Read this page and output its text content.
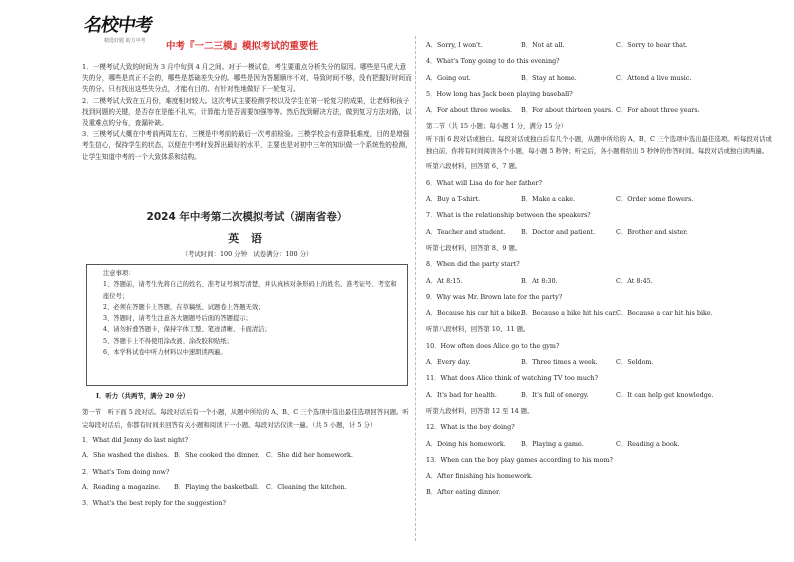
名校中考
精选好题 助力中考	中考『一二三模』模拟考试的重要性

1．一模考试大致的时间为 3 月中旬到 4 月之间。对于一模试卷，考生要重点分析失分的原因。哪些是马虎大意失的分，哪些是真正不会的，哪些是基础差失分的。哪些是因为答题顺序不对，导致时间不够，没有把握好时间而失的分。只有找出这些失分点，才能有目的、有针对性地做好下一轮复习。

2．二模考试大致在五月份，难度相对较大。这次考试主要检测学校以及学生在第一轮复习的成果，让老师和孩子找到问题的关键，是否存在是能不扎实，计算能力是否需要加强等等。然后找到解决方法，做到复习方法对路，以及重难点的分布，查漏补缺。

3．三模考试大概在中考前两周左右，三模是中考前的最后一次考前检验。三模学校会有意降低难度，目的是增强考生信心，保持学生的状态，以便在中考时发挥出最好的水平，主要也是对初中三年的知识做一个系统性的检测，让学生知道中考的一个大致体系和结构。

2024 年中考第二次模拟考试（湖南省卷）
英 语
（考试时间：100 分钟　试卷满分：100 分）
注意事项：
1、答题前，请考生先将自己的姓名、准考证号填写清楚，并认真核对条形码上的姓名、准考证号、考室和座位号；
2、必须在答题卡上答题，在草稿纸、试题卷上答题无效；
3、答题时，请考生注意各大题题号后面的答题提示；
4、请勿折叠答题卡，保持字体工整、笔迹清晰、卡面清洁；
5、答题卡上不得使用涂改液、涂改胶和贴纸；
6、本学科试卷中听力材料以中速朗读两遍。
Ⅰ．听力（共两节，满分 20 分）
第一节　听下面 5 段对话。每段对话后有一个小题，从题中所给的 A、B、C 三个选项中选出最佳选项回答问题。听完每段对话后，你都有时间来回答有关小题和阅读下一小题。每段对话仅读一遍。（共 5 小题，计 5 分）
1．What did Jenny do last night?
A．She washed the dishes. B．She cooked the dinner.	C．She did her homework.
2．What's Tom doing now?
A．Reading a magazine.	B．Playing the basketball.	C．Cleaning the kitchen.
3．What's the best reply for the suggestion?
A．Sorry, I won't.	B．Not at all.	C．Sorry to hear that.
4．What's Tony going to do this evening?
A．Going out.	B．Stay at home.	C．Attend a live music.
5．How long has Jack been playing baseball?
A．For about three weeks.	B．For about thirteen years. C．For about three years.
第二节（共 15 小题；每小题 1 分，满分 15 分）
听下面 6 段对话或独白。每段对话或独白后有几个小题，从题中所给的 A、B、C 三个选项中选出最佳选项。听每段对话或独白前，你将有时间阅读各个小题，每小题 5 秒钟；听完后，各小题将给出 5 秒钟的作答时间。每段对话或独白读两遍。
听第六段材料，回答第 6、7 题。
6．What will Lisa do for her father?
A．Buy a T-shirt.	B．Make a cake.	C．Order some flowers.
7．What is the relationship between the speakers?
A．Teacher and student.	B．Doctor and patient.	C．Brother and sister.
听第七段材料，回答第 8、9 题。
8．When did the party start?
A．At 8:15.	B．At 8:30.	C．At 8:45.
9．Why was Mr. Brown late for the party?
A．Because his car hit a bike.
B．Because a bike hit his car. C．Because a car hit his bike.
听第八段材料，回答第 10、11 题。
10．How often does Alice go to the gym?
A．Every day.	B．Three times a week.	C．Seldom.
11．What does Alice think of watching TV too much?
A．It's bad for health.	B．It's full of energy.	C．It can help get knowledge.
听第九段材料，回答第 12 至 14 题。
12．What is the boy doing?
A．Doing his homework.	B．Playing a game.	C．Reading a book.
13．When can the boy play games according to his mom?
A．After finishing his homework.
B．After eating dinner.
